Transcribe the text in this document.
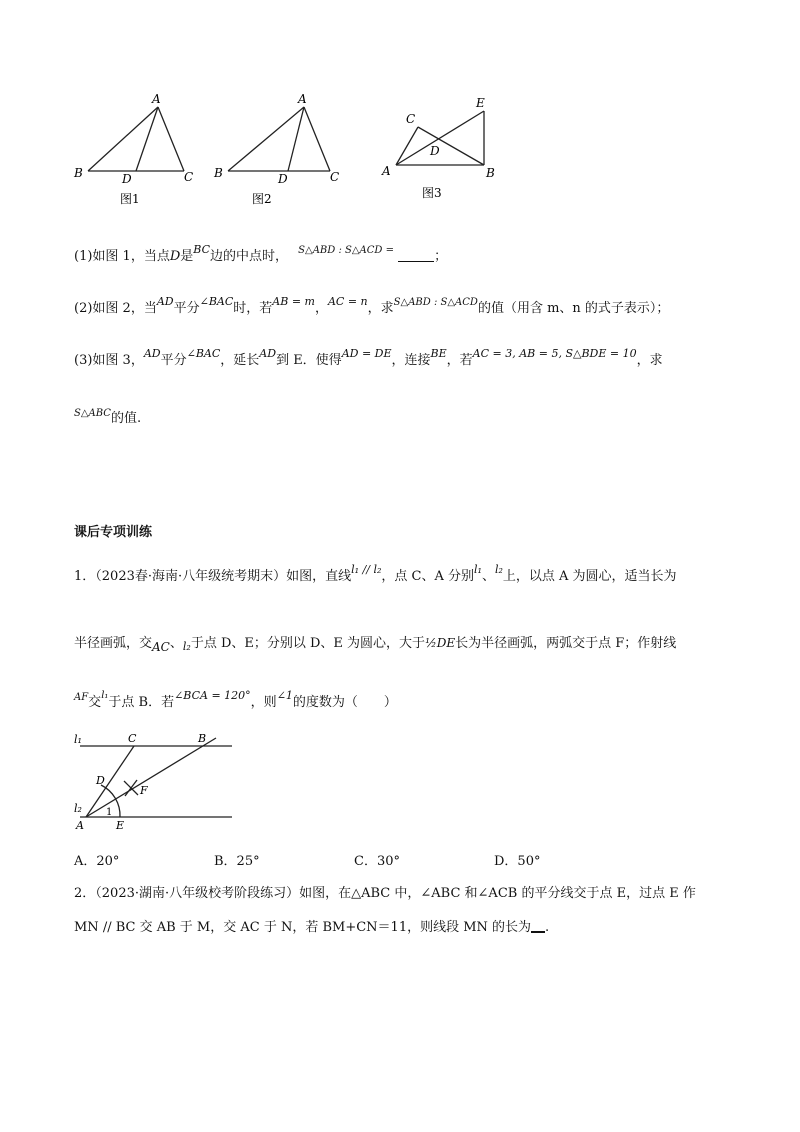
A
B	C
D
图1
A
B	C
D
图2
E
C
D
A	B
图3
(1)如图 1，当点D是$^{BC}$边的中点时， $^{S\triangle ABD : S\triangle ACD =}$	；
(2)如图 2，当$^{AD}$平分$^{\angle BAC}$时，若$^{AB = m}$，$^{AC = n}$，求$^{S\triangle ABD : S\triangle ACD}$的值（用含 m、n 的式子表示）；
(3)如图 3，$^{AD}$平分$^{\angle BAC}$，延长$^{AD}$到 E．使得$^{AD = DE}$，连接$^{BE}$，若$^{AC = 3, AB = 5, S\triangle BDE = 10}$，求
$^{S\triangle ABC}$的值.
课后专项训练
1．（2023春·海南·八年级统考期末）如图，直线$^{l_1 // l_2}$，点 C、A 分别$^{l_1}$、$^{l_2}$上，以点 A 为圆心，适当长为
半径画弧，交AC、$_{l_2}$于点 D、E；分别以 D、E 为圆心，大于½DE长为半径画弧，两弧交于点 F；作射线
$^{AF}$交$^{l_1}$于点 B．若$^{\angle BCA = 120^\circ}$，则$^{\angle 1}$的度数为（　　）
l₁	C	B
D
F
l₂ 1
A	E
A．20°	B．25°	C．30°	D．50°
2．（2023·湖南·八年级校考阶段练习）如图，在△ABC 中，∠ABC 和∠ACB 的平分线交于点 E，过点 E 作
MN // BC 交 AB 于 M，交 AC 于 N，若 BM+CN＝11，则线段 MN 的长为 .
